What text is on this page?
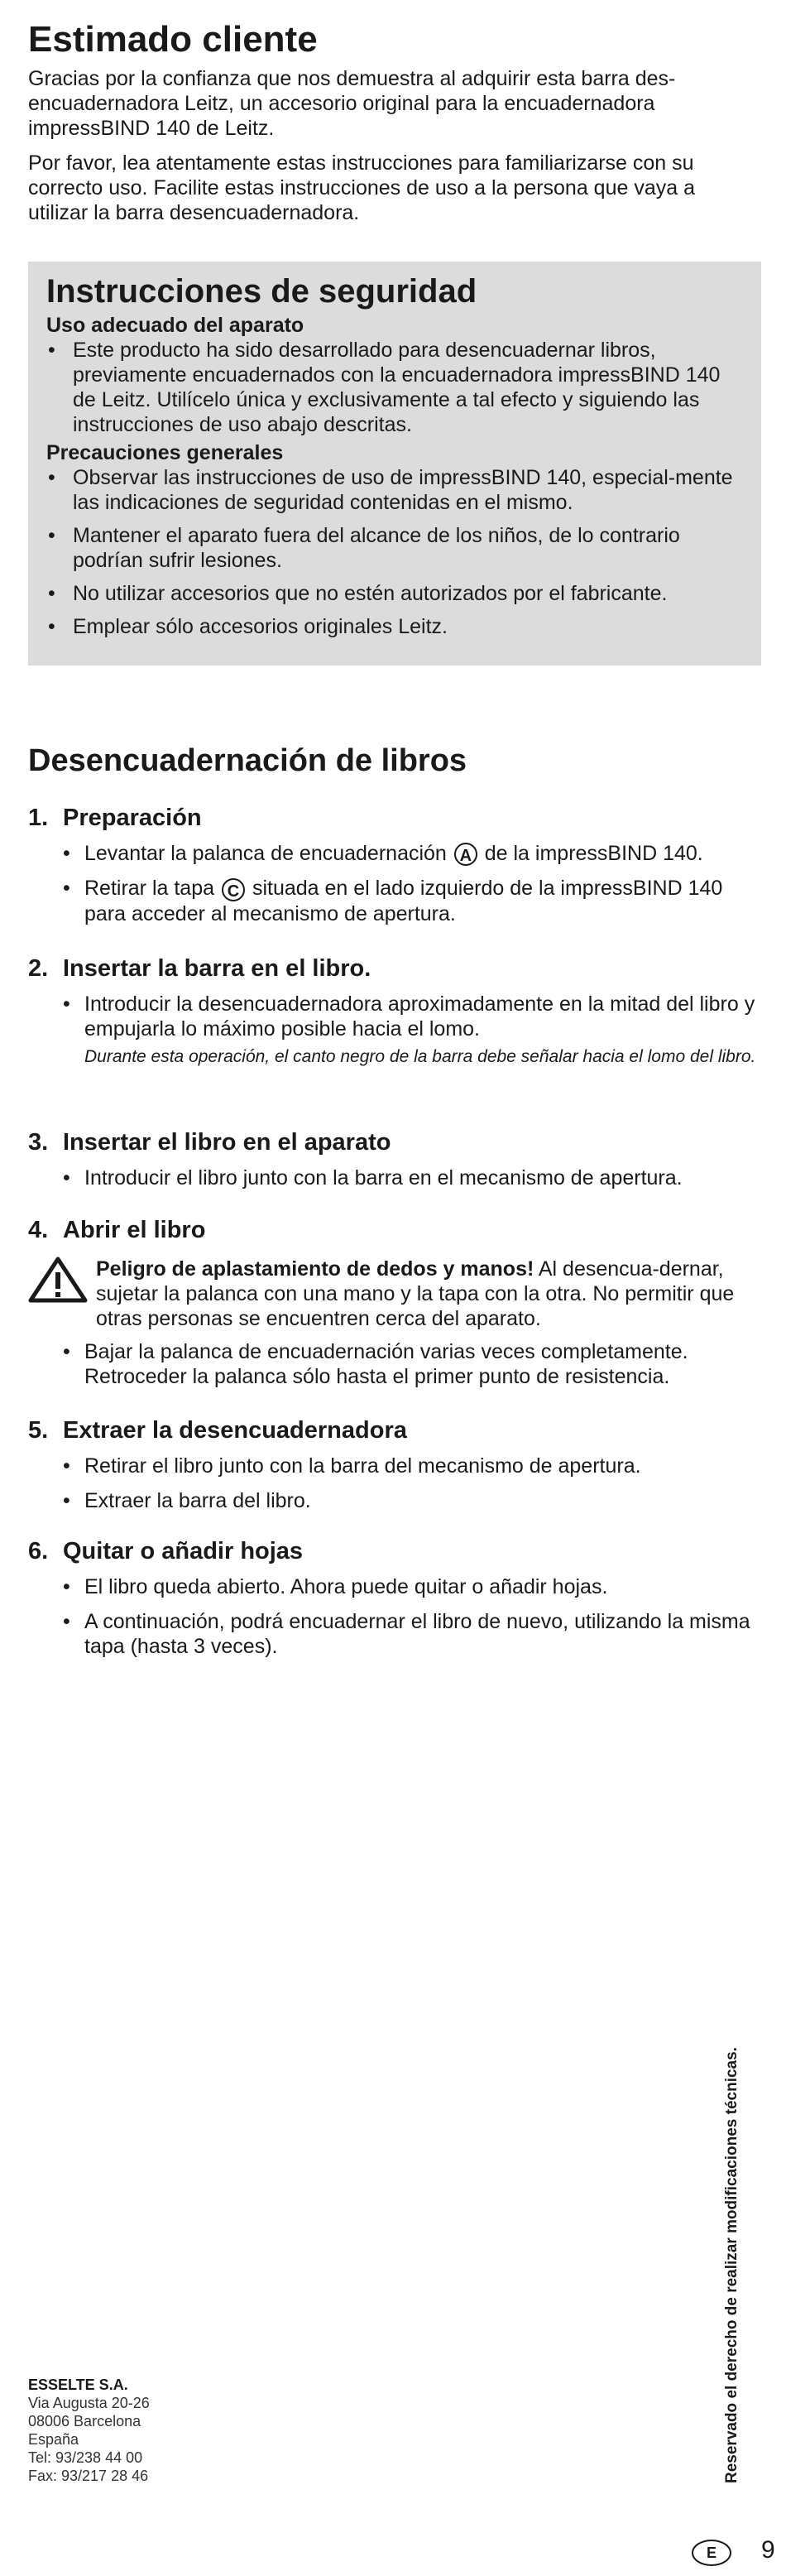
Estimado cliente

Gracias por la confianza que nos demuestra al adquirir esta barra des-encuadernadora Leitz, un accesorio original para la encuadernadora impressBIND 140 de Leitz.

Por favor, lea atentamente estas instrucciones para familiarizarse con su correcto uso. Facilite estas instrucciones de uso a la persona que vaya a utilizar la barra desencuadernadora.

Instrucciones de seguridad
Uso adecuado del aparato
• Este producto ha sido desarrollado para desencuadernar libros, previamente encuadernados con la encuadernadora impressBIND 140 de Leitz. Utilícelo única y exclusivamente a tal efecto y siguiendo las instrucciones de uso abajo descritas.
Precauciones generales
• Observar las instrucciones de uso de impressBIND 140, especial-mente las indicaciones de seguridad contenidas en el mismo.
• Mantener el aparato fuera del alcance de los niños, de lo contrario podrían sufrir lesiones.
• No utilizar accesorios que no estén autorizados por el fabricante.
• Emplear sólo accesorios originales Leitz.
Desencuadernación de libros
1. Preparación
• Levantar la palanca de encuadernación A de la impressBIND 140.
• Retirar la tapa C situada en el lado izquierdo de la impressBIND 140 para acceder al mecanismo de apertura.
2. Insertar la barra en el libro.
• Introducir la desencuadernadora aproximadamente en la mitad del libro y empujarla lo máximo posible hacia el lomo.

Durante esta operación, el canto negro de la barra debe señalar hacia el lomo del libro.

3. Insertar el libro en el aparato
• Introducir el libro junto con la barra en el mecanismo de apertura.
4. Abrir el libro
Peligro de aplastamiento de dedos y manos! Al desencua-dernar, sujetar la palanca con una mano y la tapa con la otra. No permitir que otras personas se encuentren cerca del aparato.
• Bajar la palanca de encuadernación varias veces completamente. Retroceder la palanca sólo hasta el primer punto de resistencia.
5. Extraer la desencuadernadora
• Retirar el libro junto con la barra del mecanismo de apertura.
• Extraer la barra del libro.
6. Quitar o añadir hojas
• El libro queda abierto. Ahora puede quitar o añadir hojas.
• A continuación, podrá encuadernar el libro de nuevo, utilizando la misma tapa (hasta 3 veces).
ESSELTE S.A.
Via Augusta 20-26
08006 Barcelona
España
Tel: 93/238 44 00
Fax: 93/217 28 46	Reservado el derecho de realizar modificaciones técnicas.
E	9
